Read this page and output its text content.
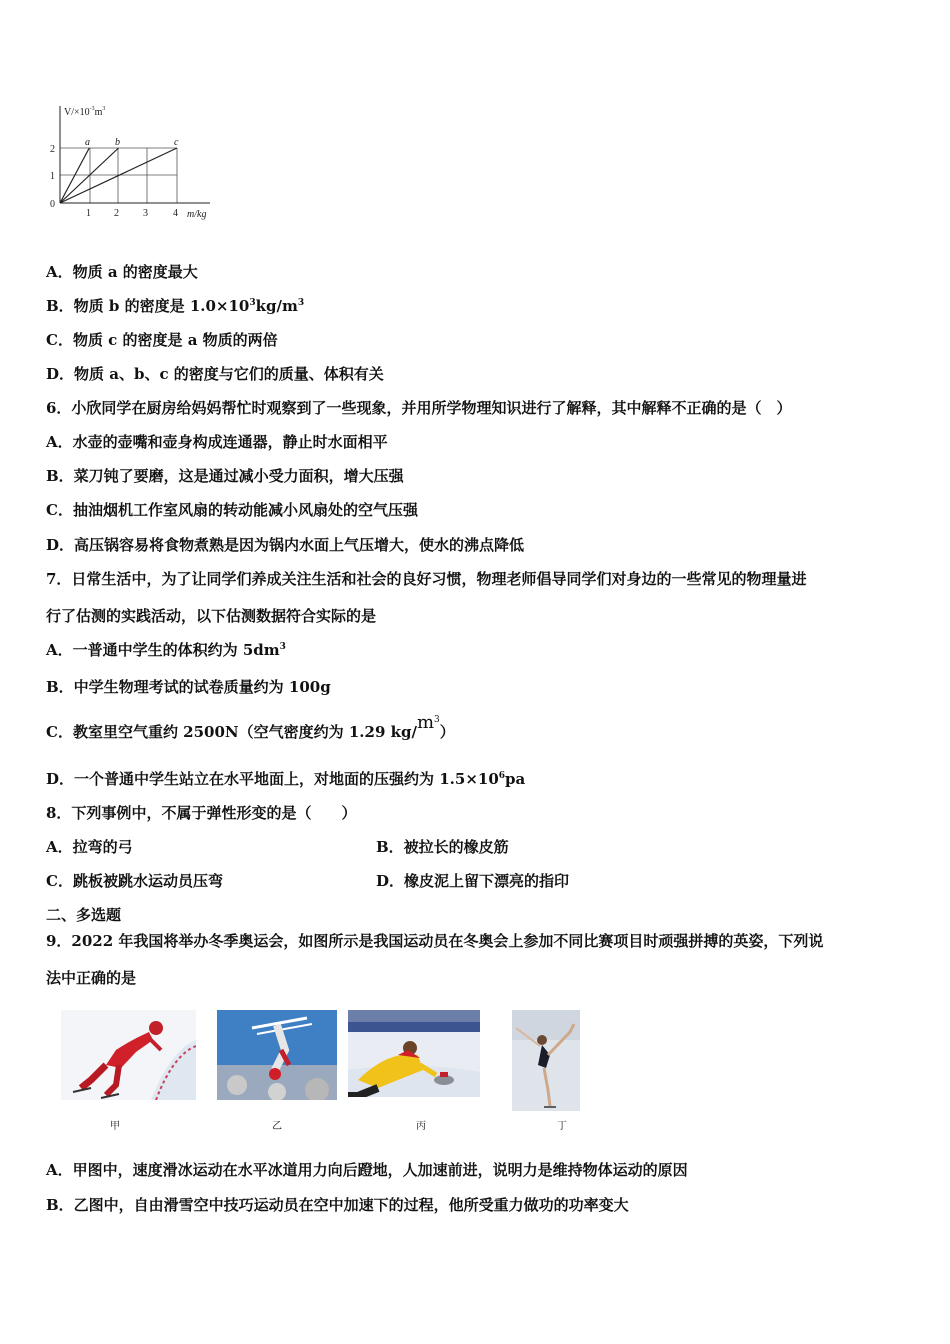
$V/\times 10^{-3}m^3$
2
1
0
1 2 3	4 m/kg
a	b	c
A．物质 a 的密度最大
B．物质 b 的密度是 $1.0\times 10^3kg/m^3$
C．物质 c 的密度是 a 物质的两倍
D．物质 a、b、c 的密度与它们的质量、体积有关
6．小欣同学在厨房给妈妈帮忙时观察到了一些现象，并用所学物理知识进行了解释，其中解释不正确的是（　）
A．水壶的壶嘴和壶身构成连通器，静止时水面相平
B．菜刀钝了要磨，这是通过减小受力面积，增大压强
C．抽油烟机工作室风扇的转动能减小风扇处的空气压强
D．高压锅容易将食物煮熟是因为锅内水面上气压增大，使水的沸点降低
7．日常生活中，为了让同学们养成关注生活和社会的良好习惯，物理老师倡导同学们对身边的一些常见的物理量进
行了估测的实践活动，以下估测数据符合实际的是
A．一普通中学生的体积约为 $5dm^3$
B．中学生物理考试的试卷质量约为 100g
C．教室里空气重约 2500N（空气密度约为 1.29 $kg/m^3$）
D．一个普通中学生站立在水平地面上，对地面的压强约为 $1.5\times 10^6pa$
8．下列事例中，不属于弹性形变的是（　　）
A．拉弯的弓	B．被拉长的橡皮筋
C．跳板被跳水运动员压弯	D．橡皮泥上留下漂亮的指印
二、多选题
9．2022 年我国将举办冬季奥运会，如图所示是我国运动员在冬奥会上参加不同比赛项目时顽强拼搏的英姿，下列说
法中正确的是
甲	乙	丙	丁
A．甲图中，速度滑冰运动在水平冰道用力向后蹬地，人加速前进，说明力是维持物体运动的原因
B．乙图中，自由滑雪空中技巧运动员在空中加速下的过程，他所受重力做功的功率变大
